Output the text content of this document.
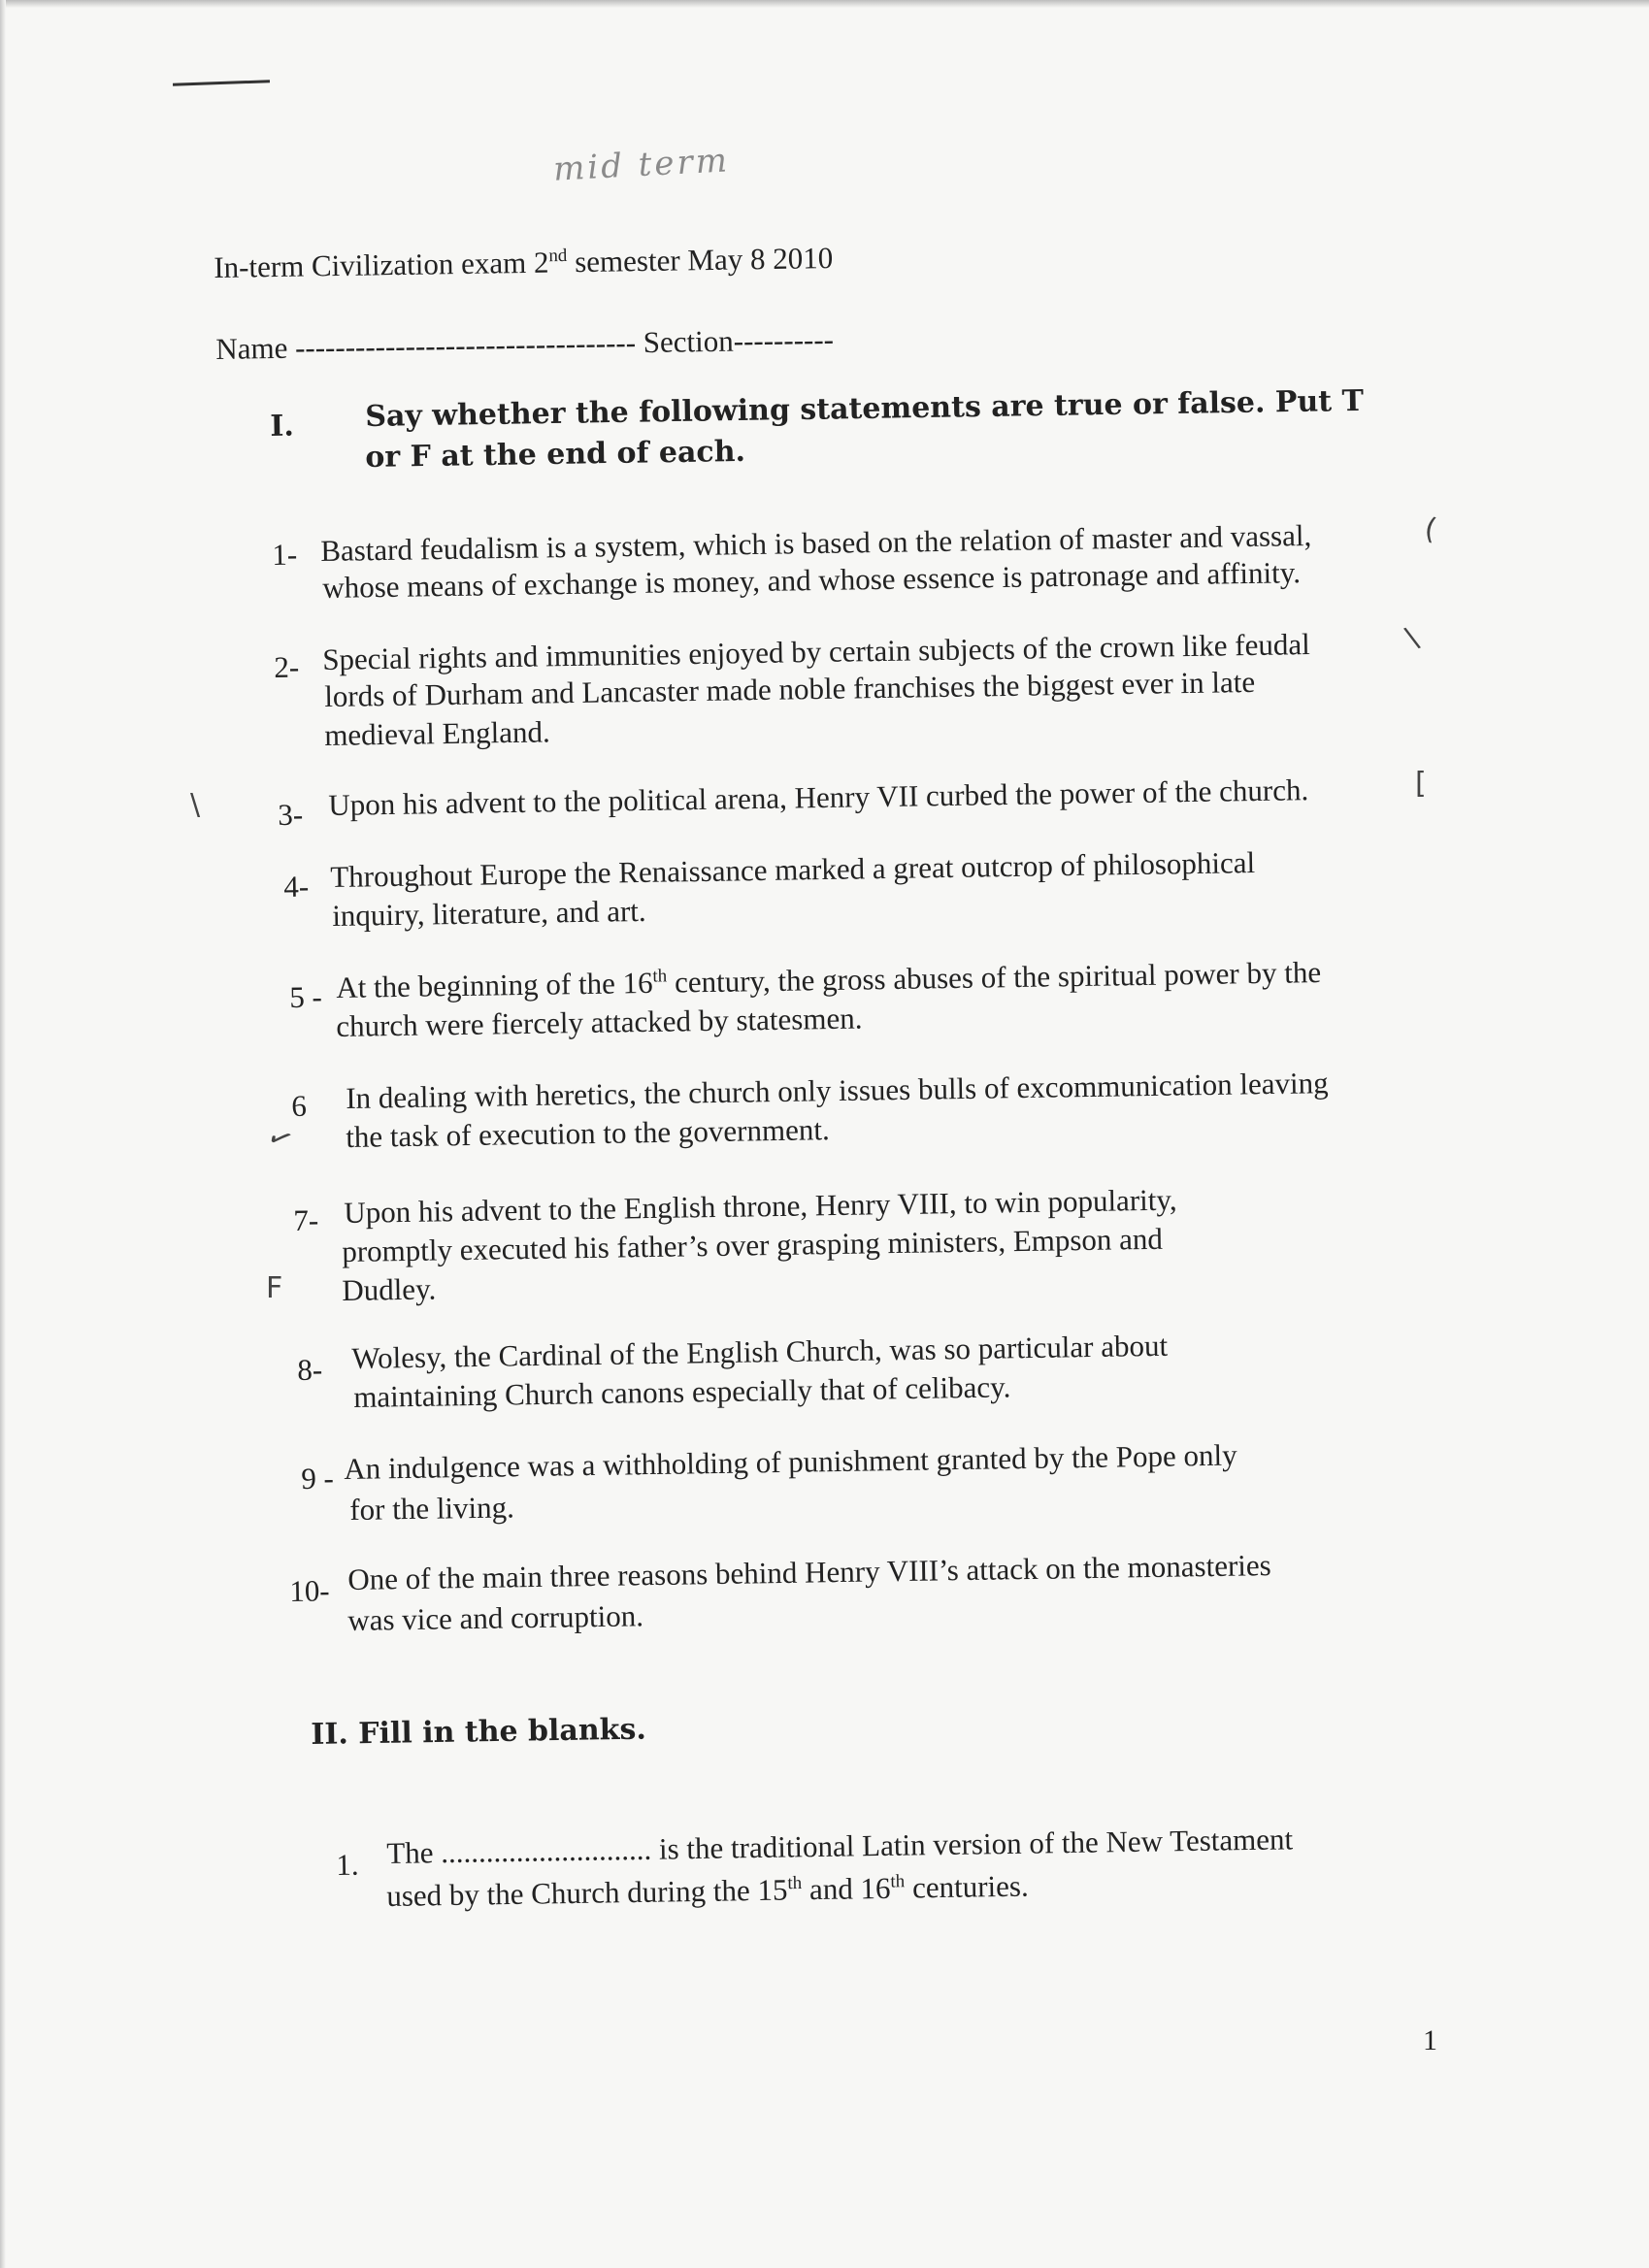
mid term
In-term Civilization exam 2nd semester May 8 2010
Name ---------------------------------- Section----------
I. Say whether the following statements are true or false. Put T
or F at the end of each.
1- Bastard feudalism is a system, which is based on the relation of master and vassal,
whose means of exchange is money, and whose essence is patronage and affinity.
2- Special rights and immunities enjoyed by certain subjects of the crown like feudal
lords of Durham and Lancaster made noble franchises the biggest ever in late
medieval England.
3- Upon his advent to the political arena, Henry VII curbed the power of the church.
4- Throughout Europe the Renaissance marked a great outcrop of philosophical
inquiry, literature, and art.
5 - At the beginning of the 16th century, the gross abuses of the spiritual power by the
church were fiercely attacked by statesmen.
6 In dealing with heretics, the church only issues bulls of excommunication leaving
the task of execution to the government.
7- Upon his advent to the English throne, Henry VIII, to win popularity,
promptly executed his father’s over grasping ministers, Empson and
Dudley.
8- Wolesy, the Cardinal of the English Church, was so particular about
maintaining Church canons especially that of celibacy.
9 - An indulgence was a withholding of punishment granted by the Pope only
for the living.
10- One of the main three reasons behind Henry VIII’s attack on the monasteries
was vice and corruption.
II. Fill in the blanks.
1. The ............................ is the traditional Latin version of the New Testament
used by the Church during the 15th and 16th centuries.
(
\
[
\
✓
F
1
